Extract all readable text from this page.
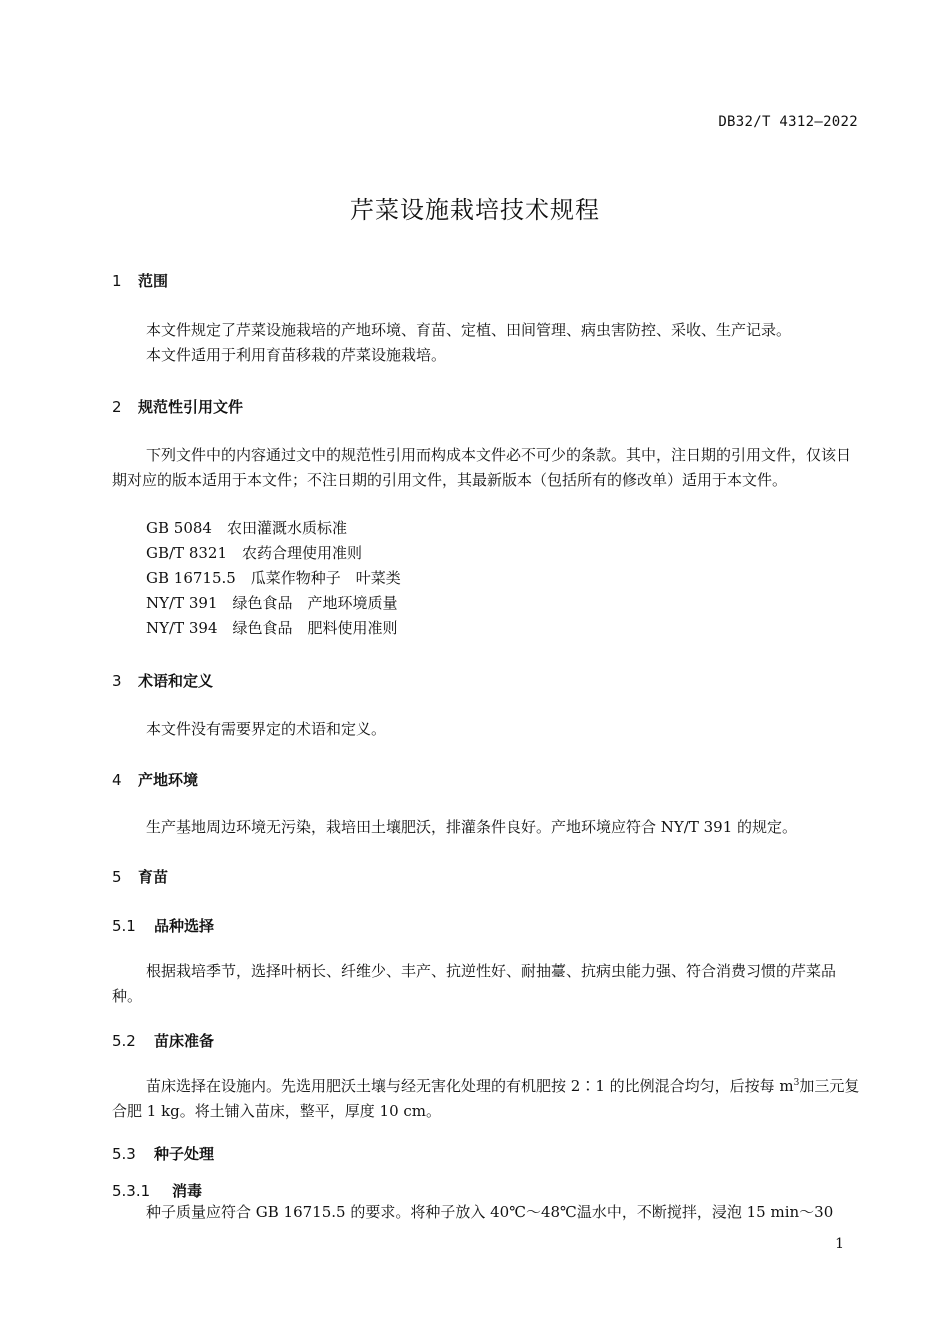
DB32/T 4312—2022
芹菜设施栽培技术规程
1 范围
本文件规定了芹菜设施栽培的产地环境、育苗、定植、田间管理、病虫害防控、采收、生产记录。
本文件适用于利用育苗移栽的芹菜设施栽培。
2 规范性引用文件
下列文件中的内容通过文中的规范性引用而构成本文件必不可少的条款。其中，注日期的引用文件，仅该日期对应的版本适用于本文件；不注日期的引用文件，其最新版本（包括所有的修改单）适用于本文件。
GB 5084　农田灌溉水质标准
GB/T 8321　农药合理使用准则
GB 16715.5　瓜菜作物种子　叶菜类
NY/T 391　绿色食品　产地环境质量
NY/T 394　绿色食品　肥料使用准则
3 术语和定义
本文件没有需要界定的术语和定义。
4 产地环境
生产基地周边环境无污染，栽培田土壤肥沃，排灌条件良好。产地环境应符合 NY/T 391 的规定。
5 育苗
5.1 品种选择
根据栽培季节，选择叶柄长、纤维少、丰产、抗逆性好、耐抽薹、抗病虫能力强、符合消费习惯的芹菜品种。
5.2 苗床准备
苗床选择在设施内。先选用肥沃土壤与经无害化处理的有机肥按 2∶1 的比例混合均匀，后按每 $m^3$加三元复合肥 1 kg。将土铺入苗床，整平，厚度 10 cm。
5.3 种子处理
5.3.1 消毒
种子质量应符合 GB 16715.5 的要求。将种子放入 40℃～48℃温水中，不断搅拌，浸泡 15 min～30
1
